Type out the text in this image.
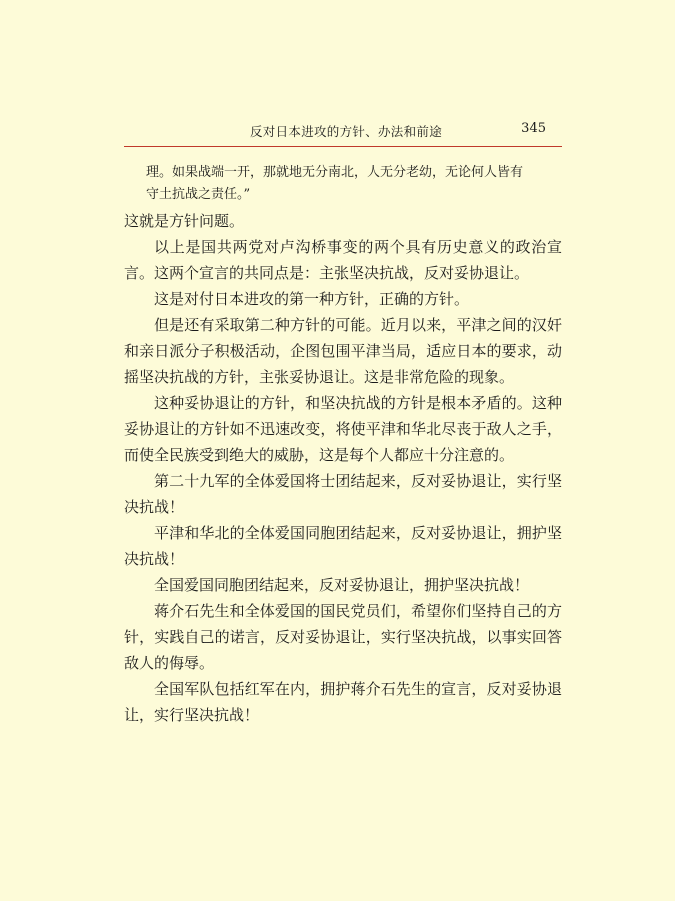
反对日本进攻的方针、办法和前途	345

理。如果战端一开，那就地无分南北，人无分老幼，无论何人皆有

守土抗战之责任。”

这就是方针问题。

以上是国共两党对卢沟桥事变的两个具有历史意义的政治宣言。这两个宣言的共同点是：主张坚决抗战，反对妥协退让。

这是对付日本进攻的第一种方针，正确的方针。

但是还有采取第二种方针的可能。近月以来，平津之间的汉奸和亲日派分子积极活动，企图包围平津当局，适应日本的要求，动摇坚决抗战的方针，主张妥协退让。这是非常危险的现象。

这种妥协退让的方针，和坚决抗战的方针是根本矛盾的。这种妥协退让的方针如不迅速改变，将使平津和华北尽丧于敌人之手，而使全民族受到绝大的威胁，这是每个人都应十分注意的。

第二十九军的全体爱国将士团结起来，反对妥协退让，实行坚决抗战！

平津和华北的全体爱国同胞团结起来，反对妥协退让，拥护坚决抗战！

全国爱国同胞团结起来，反对妥协退让，拥护坚决抗战！

蒋介石先生和全体爱国的国民党员们，希望你们坚持自己的方针，实践自己的诺言，反对妥协退让，实行坚决抗战，以事实回答敌人的侮辱。

全国军队包括红军在内，拥护蒋介石先生的宣言，反对妥协退让，实行坚决抗战！
